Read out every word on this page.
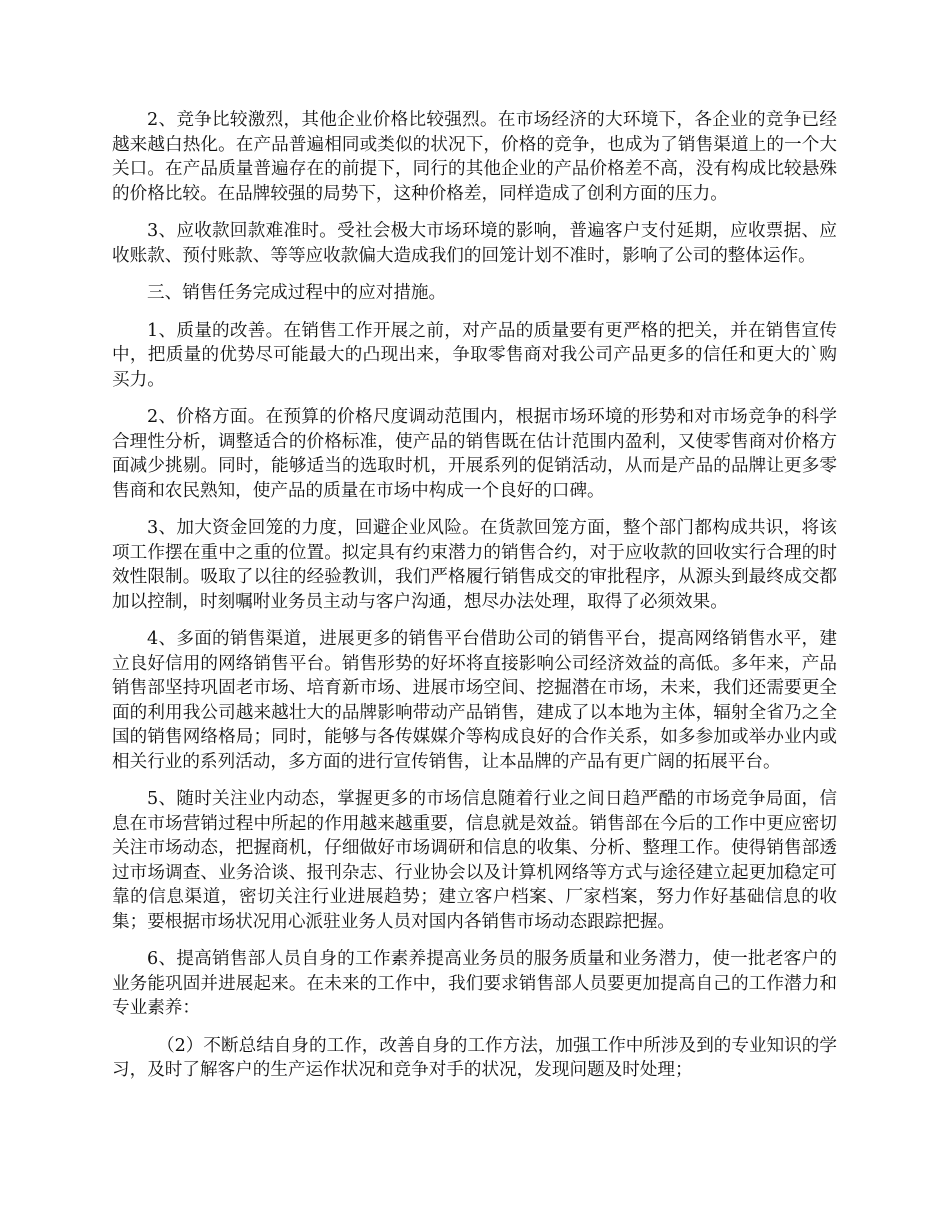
2、竞争比较激烈，其他企业价格比较强烈。在市场经济的大环境下，各企业的竞争已经越来越白热化。在产品普遍相同或类似的状况下，价格的竞争，也成为了销售渠道上的一个大关口。在产品质量普遍存在的前提下，同行的其他企业的产品价格差不高，没有构成比较悬殊的价格比较。在品牌较强的局势下，这种价格差，同样造成了创利方面的压力。

3、应收款回款难准时。受社会极大市场环境的影响，普遍客户支付延期，应收票据、应收账款、预付账款、等等应收款偏大造成我们的回笼计划不准时，影响了公司的整体运作。

三、销售任务完成过程中的应对措施。

1、质量的改善。在销售工作开展之前，对产品的质量要有更严格的把关，并在销售宣传中，把质量的优势尽可能最大的凸现出来，争取零售商对我公司产品更多的信任和更大的`购买力。

2、价格方面。在预算的价格尺度调动范围内，根据市场环境的形势和对市场竞争的科学合理性分析，调整适合的价格标准，使产品的销售既在估计范围内盈利，又使零售商对价格方面减少挑剔。同时，能够适当的选取时机，开展系列的促销活动，从而是产品的品牌让更多零售商和农民熟知，使产品的质量在市场中构成一个良好的口碑。

3、加大资金回笼的力度，回避企业风险。在货款回笼方面，整个部门都构成共识，将该项工作摆在重中之重的位置。拟定具有约束潜力的销售合约，对于应收款的回收实行合理的时效性限制。吸取了以往的经验教训，我们严格履行销售成交的审批程序，从源头到最终成交都加以控制，时刻嘱咐业务员主动与客户沟通，想尽办法处理，取得了必须效果。

4、多面的销售渠道，进展更多的销售平台借助公司的销售平台，提高网络销售水平，建立良好信用的网络销售平台。销售形势的好坏将直接影响公司经济效益的高低。多年来，产品销售部坚持巩固老市场、培育新市场、进展市场空间、挖掘潜在市场，未来，我们还需要更全面的利用我公司越来越壮大的品牌影响带动产品销售，建成了以本地为主体，辐射全省乃之全国的销售网络格局；同时，能够与各传媒媒介等构成良好的合作关系，如多参加或举办业内或相关行业的系列活动，多方面的进行宣传销售，让本品牌的产品有更广阔的拓展平台。

5、随时关注业内动态，掌握更多的市场信息随着行业之间日趋严酷的市场竞争局面，信息在市场营销过程中所起的作用越来越重要，信息就是效益。销售部在今后的工作中更应密切关注市场动态，把握商机，仔细做好市场调研和信息的收集、分析、整理工作。使得销售部透过市场调查、业务洽谈、报刊杂志、行业协会以及计算机网络等方式与途径建立起更加稳定可靠的信息渠道，密切关注行业进展趋势；建立客户档案、厂家档案，努力作好基础信息的收集；要根据市场状况用心派驻业务人员对国内各销售市场动态跟踪把握。

6、提高销售部人员自身的工作素养提高业务员的服务质量和业务潜力，使一批老客户的业务能巩固并进展起来。在未来的工作中，我们要求销售部人员要更加提高自己的工作潜力和专业素养：

（2）不断总结自身的工作，改善自身的工作方法，加强工作中所涉及到的专业知识的学习，及时了解客户的生产运作状况和竞争对手的状况，发现问题及时处理；
